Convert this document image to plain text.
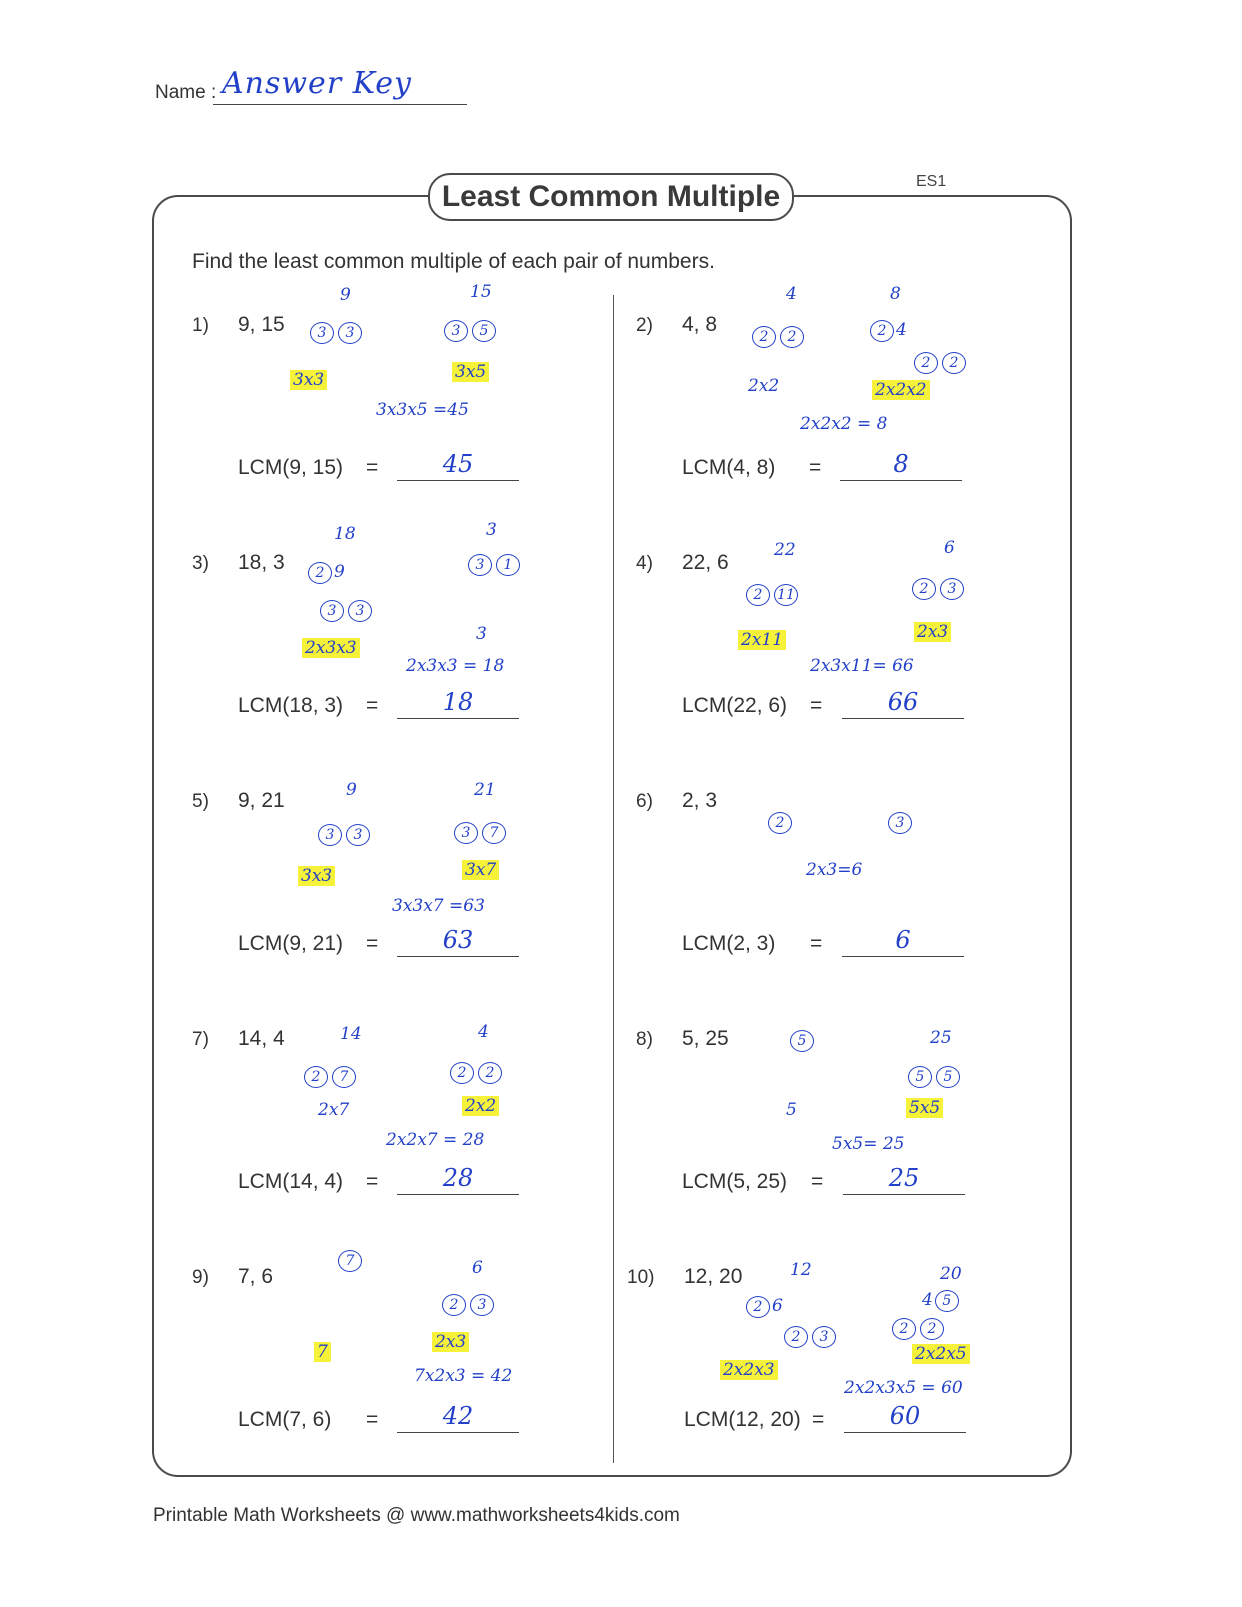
Name : Answer Key
Least Common Multiple	ES1
Find the least common multiple of each pair of numbers.
1) 9, 15
9
3 3
15
3 5
3x3	3x5
3x3x5 =45
LCM(9, 15) =	45
2) 4, 8
4
2 2
8
2 4
2 2
2x2	2x2x2
2x2x2 = 8
LCM(4, 8) =	8
3) 18, 3
18
2 9
3 3
3
3 1
2x3x3
3
2x3x3 = 18
LCM(18, 3) =	18
4) 22, 6
22
2 11
6
2 3
2x11	2x3
2x3x11= 66
LCM(22, 6) =	66
5) 9, 21	9
3 3
21
3 7
3x3	3x7
3x3x7 =63
LCM(9, 21) =	63
6) 2, 3
2	3
2x3=6
LCM(2, 3) =	6
7) 14, 4	14
2 7
4
2 2
2x7	2x2
2x2x7 = 28
LCM(14, 4) =	28
8) 5, 25	5	25
5 5
5	5x5
5x5= 25
LCM(5, 25) =	25
9) 7, 6
7	6
2 3
7	2x3
7x2x3 = 42
LCM(7, 6) =	42
10) 12, 20	12
2 6
2 3
20
4 5
2 2
2x2x3
2x2x5
2x2x3x5 = 60
LCM(12, 20) =	60
Printable Math Worksheets @ www.mathworksheets4kids.com
